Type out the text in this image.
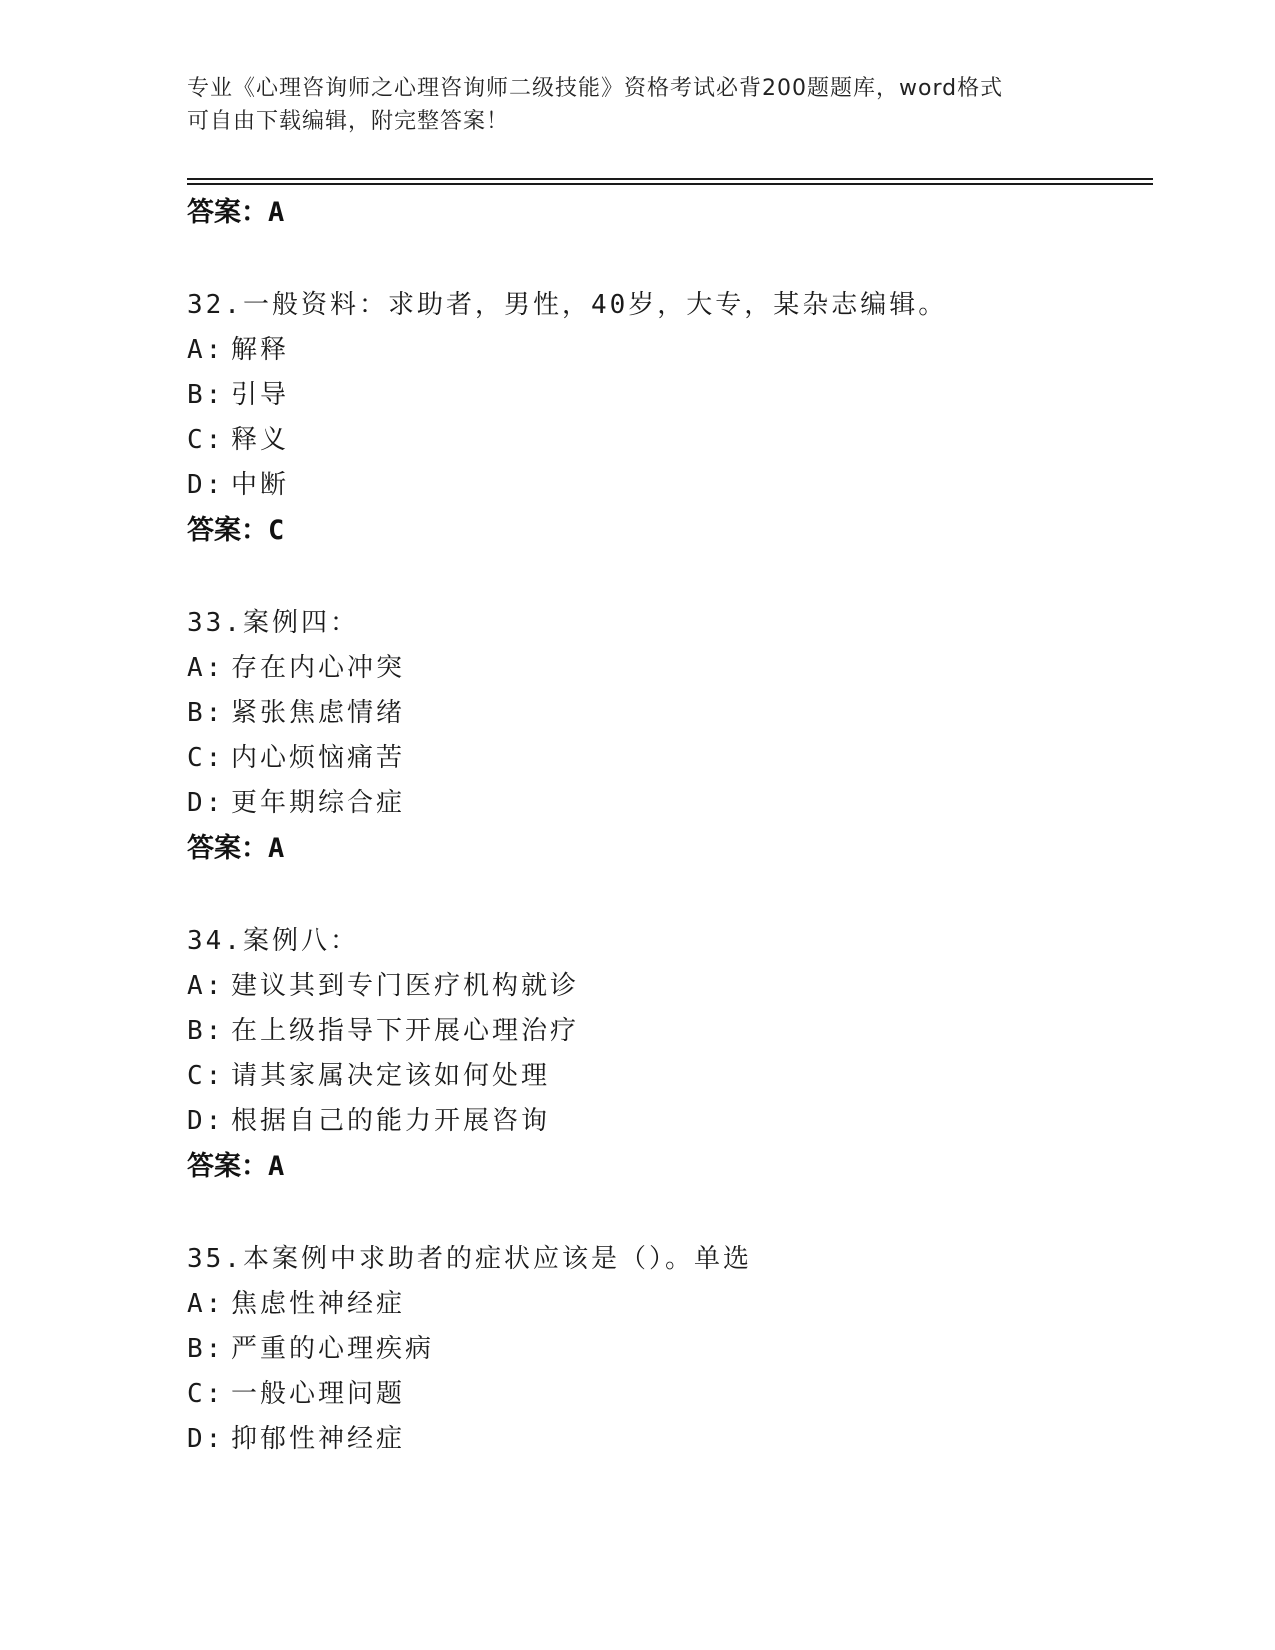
专业《心理咨询师之心理咨询师二级技能》资格考试必背200题题库，word格式
可自由下载编辑，附完整答案！
答案：A
32.一般资料：求助者，男性，40岁，大专，某杂志编辑。
A: 解释
B: 引导
C: 释义
D: 中断
答案：C
33.案例四：
A: 存在内心冲突
B: 紧张焦虑情绪
C: 内心烦恼痛苦
D: 更年期综合症
答案：A
34.案例八：
A: 建议其到专门医疗机构就诊
B: 在上级指导下开展心理治疗
C: 请其家属决定该如何处理
D: 根据自己的能力开展咨询
答案：A
35.本案例中求助者的症状应该是（）。单选
A: 焦虑性神经症
B: 严重的心理疾病
C: 一般心理问题
D: 抑郁性神经症
